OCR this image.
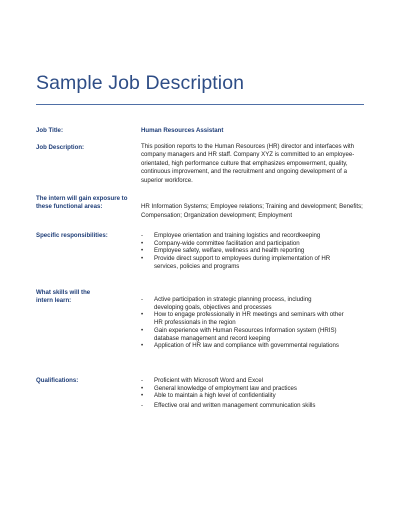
Sample Job Description
Job Title:	Human Resources Assistant
Job Description:	This position reports to the Human Resources (HR) director and interfaces with company managers and HR staff. Company XYZ is committed to an employee-orientated, high performance culture that emphasizes empowerment, quality, continuous improvement, and the recruitment and ongoing development of a superior workforce.
The intern will gain exposure to these functional areas:	HR Information Systems; Employee relations; Training and development; Benefits; Compensation; Organization development; Employment
Specific responsibilities:	- Employee orientation and training logistics and recordkeeping
• Company-wide committee facilitation and participation
• Employee safety, welfare, wellness and health reporting
• Provide direct support to employees during implementation of HR services, policies and programs
What skills will the intern learn:	- Active participation in strategic planning process, including developing goals, objectives and processes
• How to engage professionally in HR meetings and seminars with other HR professionals in the region
• Gain experience with Human Resources Information system (HRIS) database management and record keeping
• Application of HR law and compliance with governmental regulations
Qualifications:	- Proficient with Microsoft Word and Excel
• General knowledge of employment law and practices
• Able to maintain a high level of confidentiality
- Effective oral and written management communication skills
